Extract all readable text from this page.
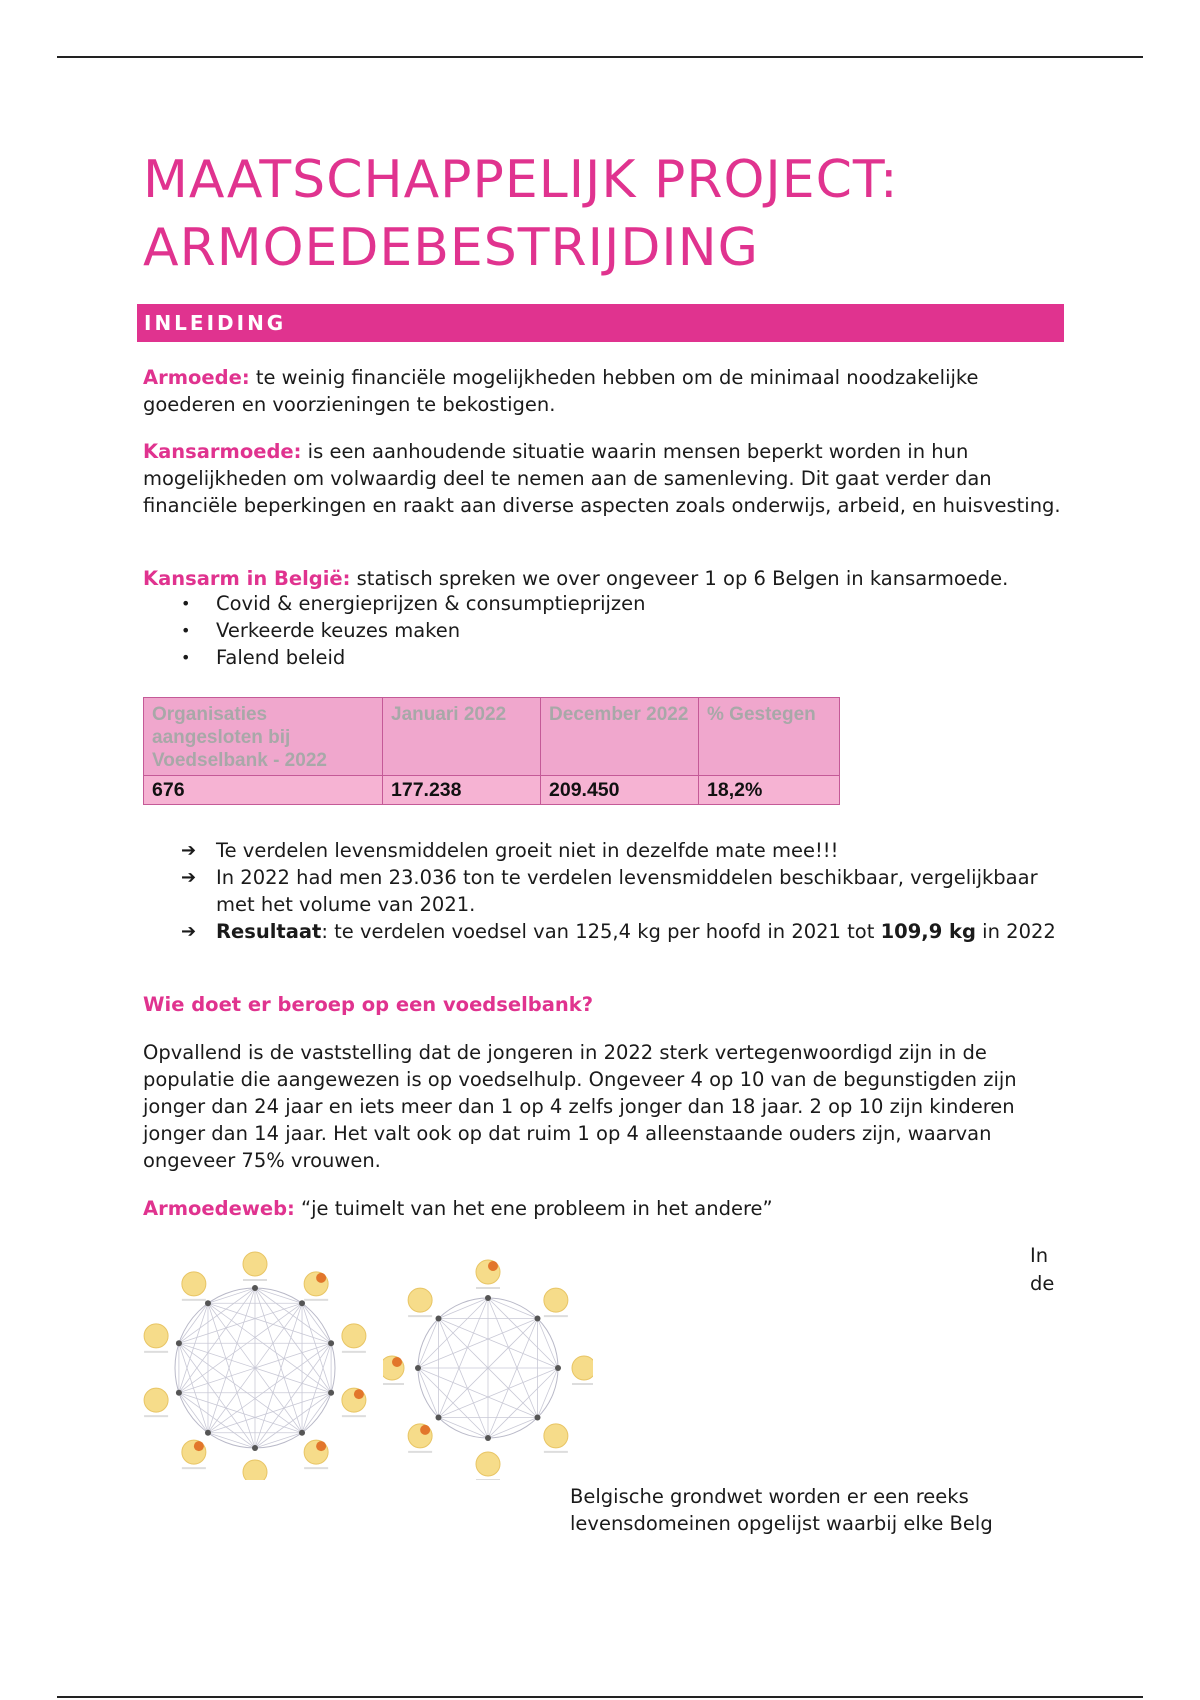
MAATSCHAPPELIJK PROJECT: ARMOEDEBESTRIJDING
INLEIDING

Armoede: te weinig financiële mogelijkheden hebben om de minimaal noodzakelijke goederen en voorzieningen te bekostigen.

Kansarmoede: is een aanhoudende situatie waarin mensen beperkt worden in hun mogelijkheden om volwaardig deel te nemen aan de samenleving. Dit gaat verder dan financiële beperkingen en raakt aan diverse aspecten zoals onderwijs, arbeid, en huisvesting.

Kansarm in België: statisch spreken we over ongeveer 1 op 6 Belgen in kansarmoede.

• Covid & energieprijzen & consumptieprijzen
• Verkeerde keuzes maken
• Falend beleid
Organisaties aangesloten bij Voedselbank - 2022	Januari 2022	December 2022	% Gestegen
676	177.238	209.450	18,2%
➔ Te verdelen levensmiddelen groeit niet in dezelfde mate mee!!!
➔ In 2022 had men 23.036 ton te verdelen levensmiddelen beschikbaar, vergelijkbaar met het volume van 2021.
➔ Resultaat: te verdelen voedsel van 125,4 kg per hoofd in 2021 tot 109,9 kg in 2022
Wie doet er beroep op een voedselbank?

Opvallend is de vaststelling dat de jongeren in 2022 sterk vertegenwoordigd zijn in de populatie die aangewezen is op voedselhulp. Ongeveer 4 op 10 van de begunstigden zijn jonger dan 24 jaar en iets meer dan 1 op 4 zelfs jonger dan 18 jaar. 2 op 10 zijn kinderen jonger dan 14 jaar. Het valt ook op dat ruim 1 op 4 alleenstaande ouders zijn, waarvan ongeveer 75% vrouwen.

Armoedeweb: “je tuimelt van het ene probleem in het andere”

In
de

Belgische grondwet worden er een reeks levensdomeinen opgelijst waarbij elke Belg
